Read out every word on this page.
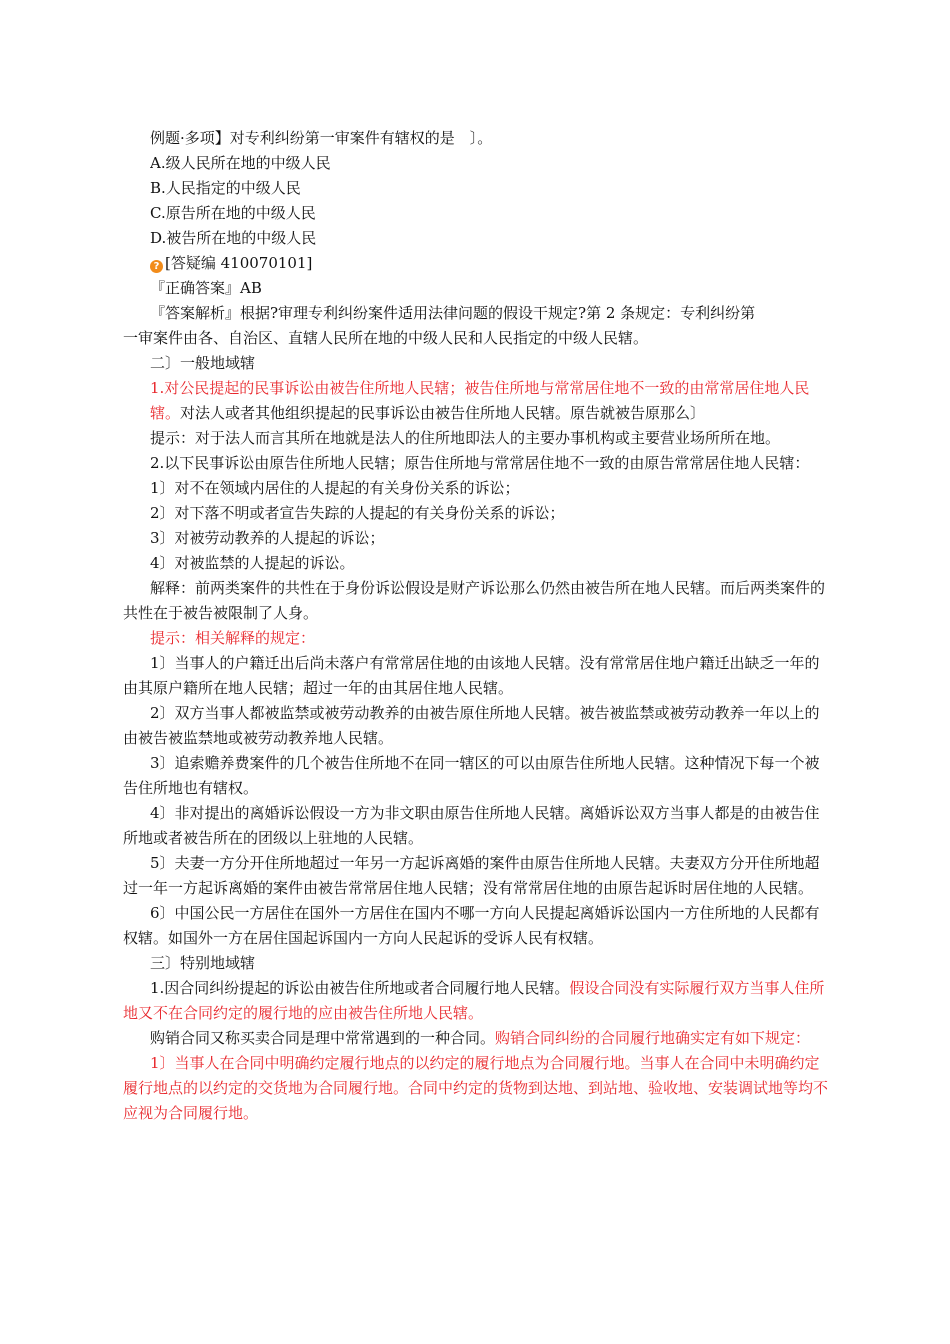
例题·多项】对专利纠纷第一审案件有辖权的是　〕。
A.级人民所在地的中级人民
B.人民指定的中级人民
C.原告所在地的中级人民
D.被告所在地的中级人民
? [答疑编 410070101]
『正确答案』AB
『答案解析』根据?审理专利纠纷案件适用法律问题的假设干规定?第 2 条规定：专利纠纷第
一审案件由各、自治区、直辖人民所在地的中级人民和人民指定的中级人民辖。
二〕一般地域辖
1.对公民提起的民事诉讼由被告住所地人民辖；被告住所地与常常居住地不一致的由常常居住地人民辖。对法人或者其他组织提起的民事诉讼由被告住所地人民辖。原告就被告原那么〕
提示：对于法人而言其所在地就是法人的住所地即法人的主要办事机构或主要营业场所所在地。
2.以下民事诉讼由原告住所地人民辖；原告住所地与常常居住地不一致的由原告常常居住地人民辖：
1〕对不在领域内居住的人提起的有关身份关系的诉讼；
2〕对下落不明或者宣告失踪的人提起的有关身份关系的诉讼；
3〕对被劳动教养的人提起的诉讼；
4〕对被监禁的人提起的诉讼。
解释：前两类案件的共性在于身份诉讼假设是财产诉讼那么仍然由被告所在地人民辖。而后两类案件的共性在于被告被限制了人身。
提示：相关解释的规定：
1〕当事人的户籍迁出后尚未落户有常常居住地的由该地人民辖。没有常常居住地户籍迁出缺乏一年的由其原户籍所在地人民辖；超过一年的由其居住地人民辖。
2〕双方当事人都被监禁或被劳动教养的由被告原住所地人民辖。被告被监禁或被劳动教养一年以上的由被告被监禁地或被劳动教养地人民辖。
3〕追索赡养费案件的几个被告住所地不在同一辖区的可以由原告住所地人民辖。这种情况下每一个被告住所地也有辖权。
4〕非对提出的离婚诉讼假设一方为非文职由原告住所地人民辖。离婚诉讼双方当事人都是的由被告住所地或者被告所在的团级以上驻地的人民辖。
5〕夫妻一方分开住所地超过一年另一方起诉离婚的案件由原告住所地人民辖。夫妻双方分开住所地超过一年一方起诉离婚的案件由被告常常居住地人民辖；没有常常居住地的由原告起诉时居住地的人民辖。
6〕中国公民一方居住在国外一方居住在国内不哪一方向人民提起离婚诉讼国内一方住所地的人民都有权辖。如国外一方在居住国起诉国内一方向人民起诉的受诉人民有权辖。
三〕特别地域辖
1.因合同纠纷提起的诉讼由被告住所地或者合同履行地人民辖。假设合同没有实际履行双方当事人住所地又不在合同约定的履行地的应由被告住所地人民辖。
购销合同又称买卖合同是理中常常遇到的一种合同。购销合同纠纷的合同履行地确实定有如下规定：
1〕当事人在合同中明确约定履行地点的以约定的履行地点为合同履行地。当事人在合同中未明确约定履行地点的以约定的交货地为合同履行地。合同中约定的货物到达地、到站地、验收地、安装调试地等均不应视为合同履行地。
